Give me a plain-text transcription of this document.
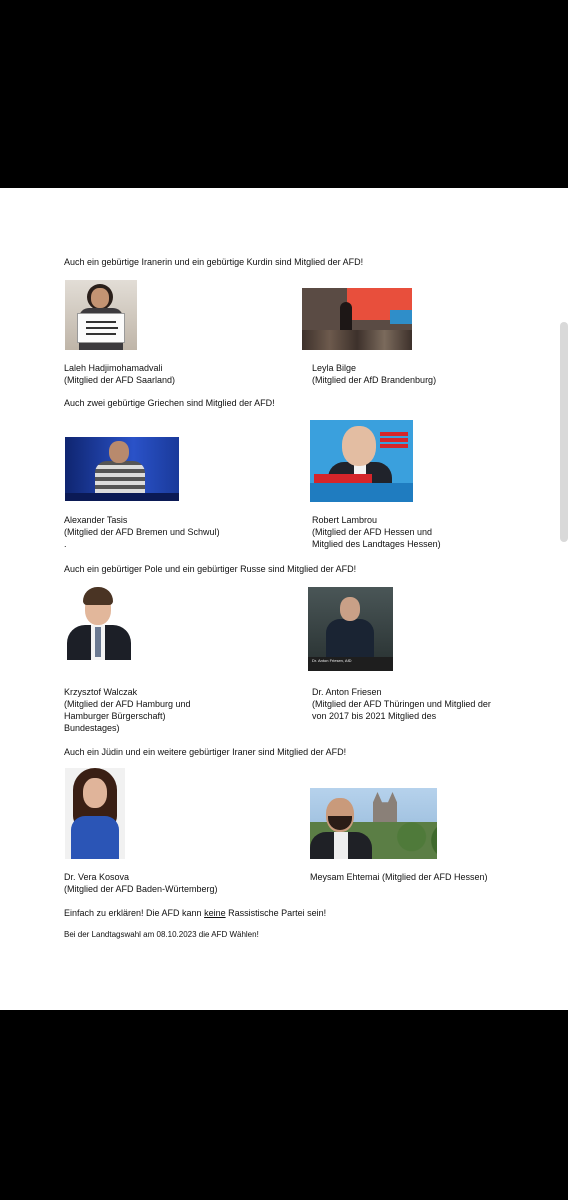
Auch ein gebürtige Iranerin und ein gebürtige Kurdin sind Mitglied der AFD!
Laleh Hadjimohamadvali
(Mitglied der AFD Saarland)
Leyla Bilge
(Mitglied der AfD Brandenburg)
Auch zwei gebürtige Griechen sind Mitglied der AFD!
Alexander Tasis
(Mitglied der AFD Bremen und Schwul)
.
Robert Lambrou
(Mitglied der AFD Hessen und
Mitglied des Landtages Hessen)
Auch ein gebürtiger Pole und ein gebürtiger Russe sind Mitglied der AFD!
Dr. Anton Friesen, AfD
Krzysztof Walczak
(Mitglied der AFD Hamburg und
Hamburger Bürgerschaft)
Bundestages)
Dr. Anton Friesen
(Mitglied der AFD Thüringen und Mitglied der
von 2017 bis 2021 Mitglied des
Auch ein Jüdin und ein weitere gebürtiger Iraner sind Mitglied der AFD!
Dr. Vera Kosova
(Mitglied der AFD Baden-Würtemberg)
Meysam Ehtemai (Mitglied der AFD Hessen)
Einfach zu erklären! Die AFD kann keine Rassistische Partei sein!
Bei der Landtagswahl am 08.10.2023 die AFD Wählen!
